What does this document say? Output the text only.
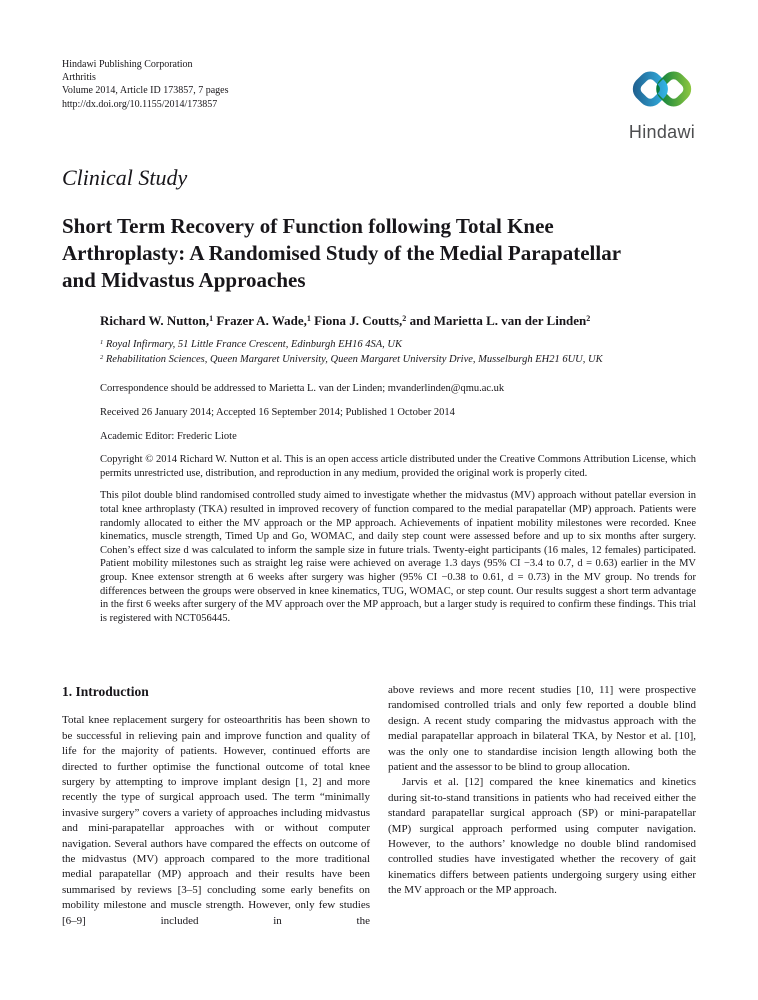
Hindawi Publishing Corporation
Arthritis
Volume 2014, Article ID 173857, 7 pages
http://dx.doi.org/10.1155/2014/173857
Hindawi
Clinical Study
Short Term Recovery of Function following Total Knee
Arthroplasty: A Randomised Study of the Medial Parapatellar
and Midvastus Approaches
Richard W. Nutton,$^1$ Frazer A. Wade,$^1$ Fiona J. Coutts,$^2$ and Marietta L. van der Linden$^2$
$^1$ Royal Infirmary, 51 Little France Crescent, Edinburgh EH16 4SA, UK
$^2$ Rehabilitation Sciences, Queen Margaret University, Queen Margaret University Drive, Musselburgh EH21 6UU, UK
Correspondence should be addressed to Marietta L. van der Linden; mvanderlinden@qmu.ac.uk
Received 26 January 2014; Accepted 16 September 2014; Published 1 October 2014
Academic Editor: Frederic Liote
Copyright © 2014 Richard W. Nutton et al. This is an open access article distributed under the Creative Commons Attribution License, which permits unrestricted use, distribution, and reproduction in any medium, provided the original work is properly cited.
This pilot double blind randomised controlled study aimed to investigate whether the midvastus (MV) approach without patellar eversion in total knee arthroplasty (TKA) resulted in improved recovery of function compared to the medial parapatellar (MP) approach. Patients were randomly allocated to either the MV approach or the MP approach. Achievements of inpatient mobility milestones were recorded. Knee kinematics, muscle strength, Timed Up and Go, WOMAC, and daily step count were assessed before and up to six months after surgery. Cohen’s effect size d was calculated to inform the sample size in future trials. Twenty-eight participants (16 males, 12 females) participated. Patient mobility milestones such as straight leg raise were achieved on average 1.3 days (95% CI −3.4 to 0.7, d = 0.63) earlier in the MV group. Knee extensor strength at 6 weeks after surgery was higher (95% CI −0.38 to 0.61, d = 0.73) in the MV group. No trends for differences between the groups were observed in knee kinematics, TUG, WOMAC, or step count. Our results suggest a short term advantage in the first 6 weeks after surgery of the MV approach over the MP approach, but a larger study is required to confirm these findings. This trial is registered with NCT056445.
1. Introduction

Total knee replacement surgery for osteoarthritis has been shown to be successful in relieving pain and improve function and quality of life for the majority of patients. However, continued efforts are directed to further optimise the functional outcome of total knee surgery by attempting to improve implant design [1, 2] and more recently the type of surgical approach used. The term “minimally invasive surgery” covers a variety of approaches including midvastus and mini-parapatellar approaches with or without computer navigation. Several authors have compared the effects on outcome of the midvastus (MV) approach compared to the more traditional medial parapatellar (MP) approach and their results have been summarised by reviews [3–5] concluding some early benefits on mobility milestone and muscle strength. However, only few studies [6–9] included in the

above reviews and more recent studies [10, 11] were prospective randomised controlled trials and only few reported a double blind design. A recent study comparing the midvastus approach with the medial parapatellar approach in bilateral TKA, by Nestor et al. [10], was the only one to standardise incision length allowing both the patient and the assessor to be blind to group allocation.

Jarvis et al. [12] compared the knee kinematics and kinetics during sit-to-stand transitions in patients who had received either the standard parapatellar surgical approach (SP) or mini-parapatellar (MP) surgical approach performed using computer navigation. However, to the authors’ knowledge no double blind randomised controlled studies have investigated whether the recovery of gait kinematics differs between patients undergoing surgery using either the MV approach or the MP approach.
